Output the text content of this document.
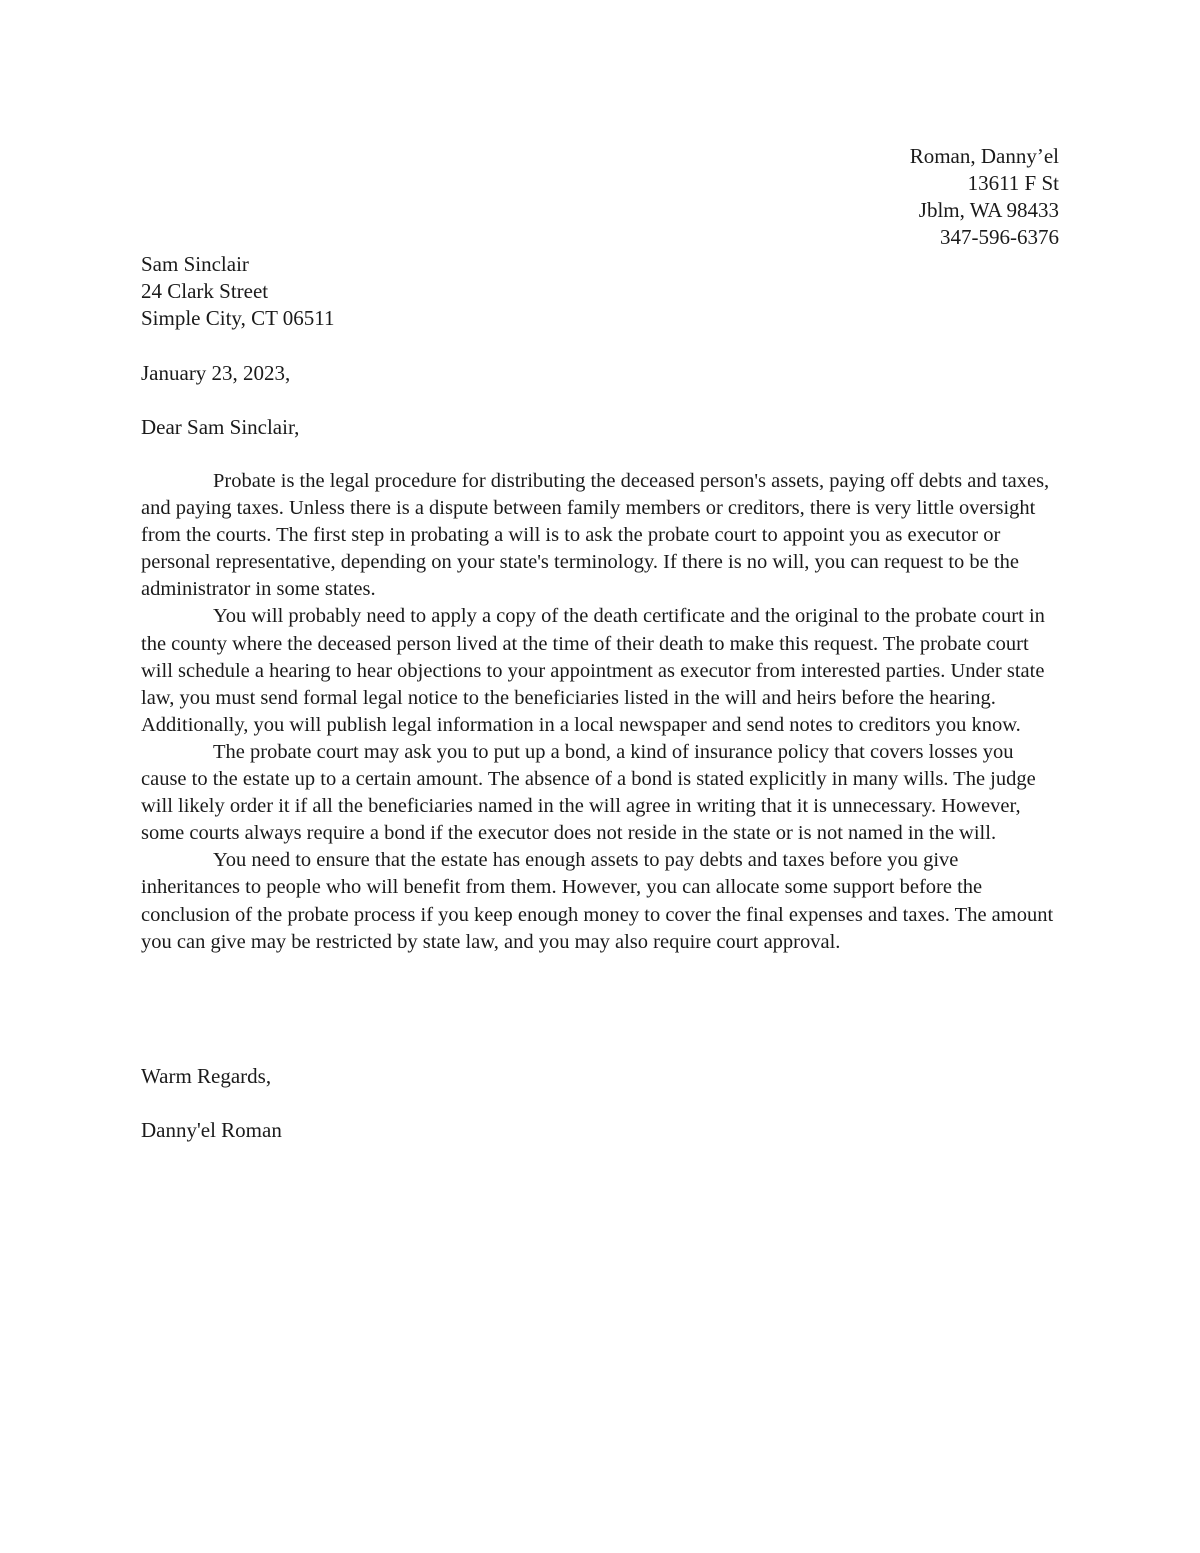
Roman, Danny’el
13611 F St
Jblm, WA 98433
347-596-6376
Sam Sinclair
24 Clark Street
Simple City, CT 06511
January 23, 2023,
Dear Sam Sinclair,

Probate is the legal procedure for distributing the deceased person's assets, paying off debts and taxes, and paying taxes. Unless there is a dispute between family members or creditors, there is very little oversight from the courts. The first step in probating a will is to ask the probate court to appoint you as executor or personal representative, depending on your state's terminology. If there is no will, you can request to be the administrator in some states.

You will probably need to apply a copy of the death certificate and the original to the probate court in the county where the deceased person lived at the time of their death to make this request. The probate court will schedule a hearing to hear objections to your appointment as executor from interested parties. Under state law, you must send formal legal notice to the beneficiaries listed in the will and heirs before the hearing. Additionally, you will publish legal information in a local newspaper and send notes to creditors you know.

The probate court may ask you to put up a bond, a kind of insurance policy that covers losses you cause to the estate up to a certain amount. The absence of a bond is stated explicitly in many wills. The judge will likely order it if all the beneficiaries named in the will agree in writing that it is unnecessary. However, some courts always require a bond if the executor does not reside in the state or is not named in the will.

You need to ensure that the estate has enough assets to pay debts and taxes before you give inheritances to people who will benefit from them. However, you can allocate some support before the conclusion of the probate process if you keep enough money to cover the final expenses and taxes. The amount you can give may be restricted by state law, and you may also require court approval.

Warm Regards,
Danny'el Roman
